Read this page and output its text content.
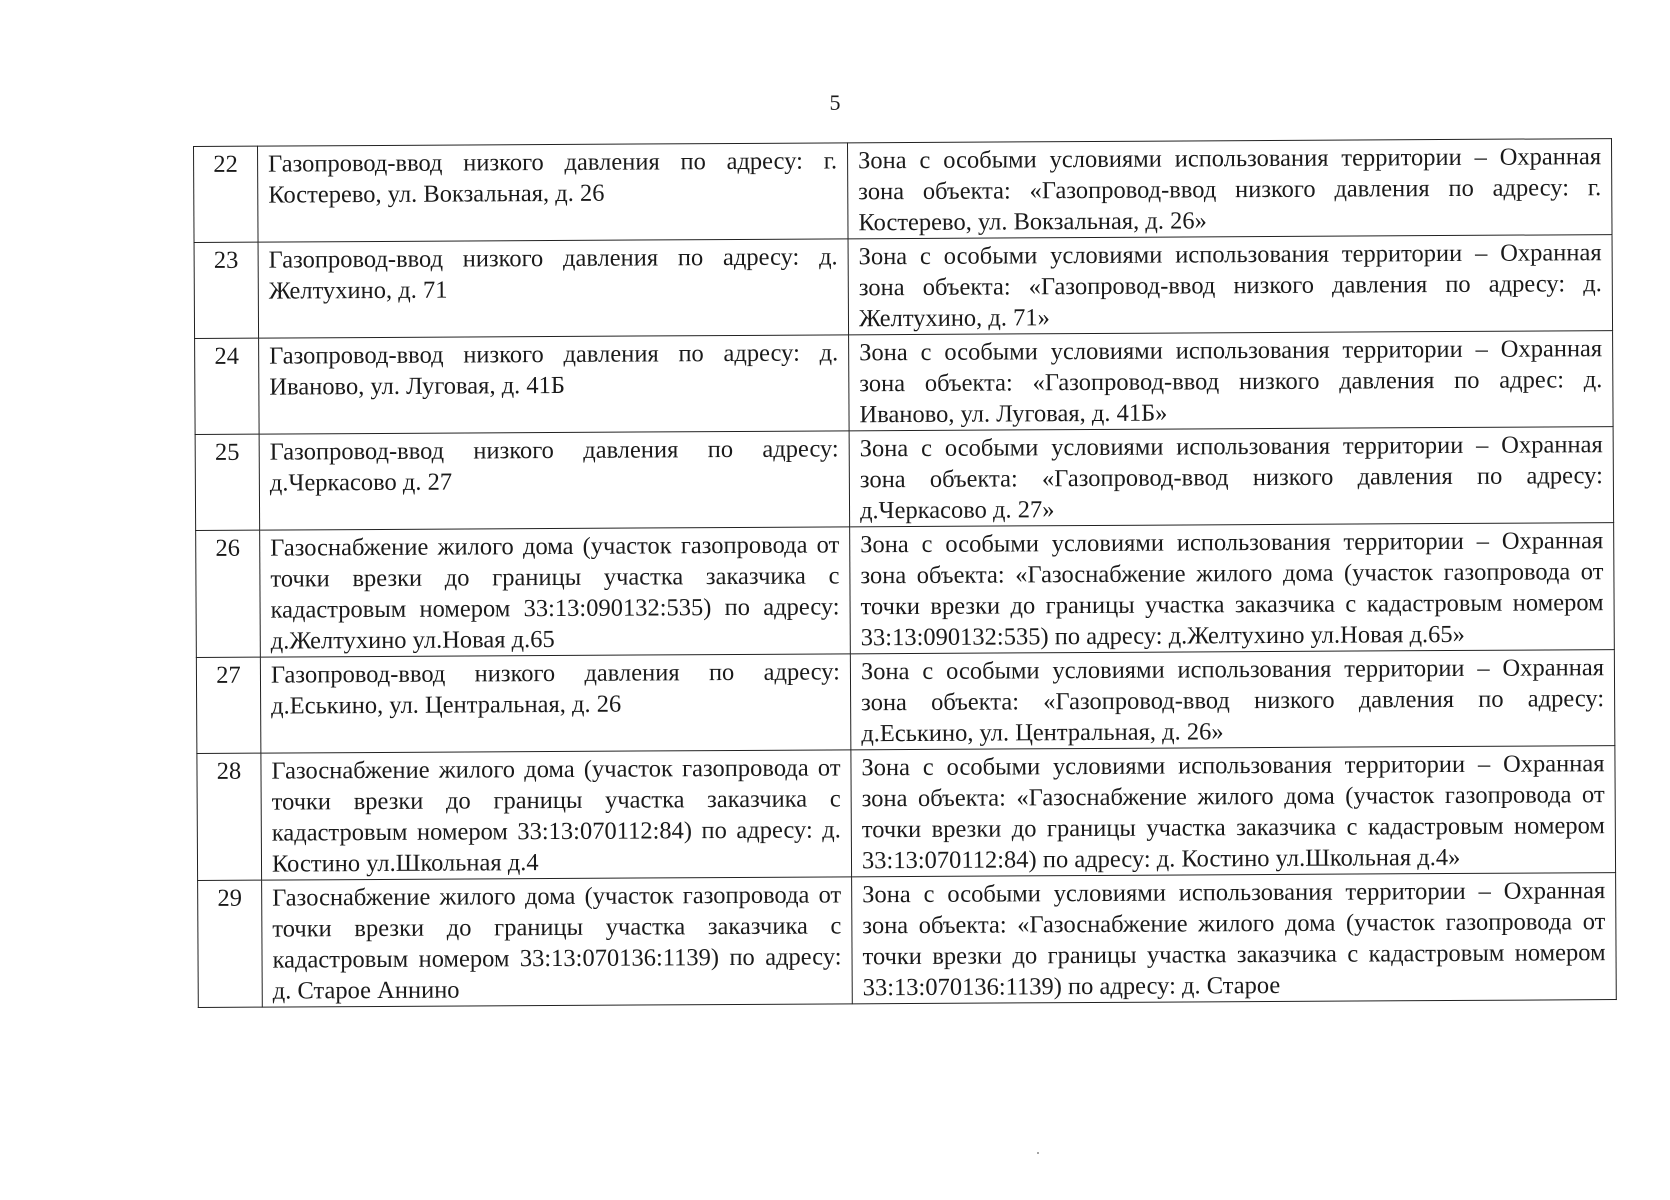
5
22	Газопровод-ввод низкого давления по адресу: г. Костерево, ул. Вокзальная, д. 26	Зона с особыми условиями использования территории – Охранная зона объекта: «Газопровод-ввод низкого давления по адресу: г. Костерево, ул. Вокзальная, д. 26»
23	Газопровод-ввод низкого давления по адресу: д. Желтухино, д. 71	Зона с особыми условиями использования территории – Охранная зона объекта: «Газопровод-ввод низкого давления по адресу: д. Желтухино, д. 71»
24	Газопровод-ввод низкого давления по адресу: д. Иваново, ул. Луговая, д. 41Б	Зона с особыми условиями использования территории – Охранная зона объекта: «Газопровод-ввод низкого давления по адрес: д. Иваново, ул. Луговая, д. 41Б»
25	Газопровод-ввод низкого давления по адресу: д.Черкасово д. 27	Зона с особыми условиями использования территории – Охранная зона объекта: «Газопровод-ввод низкого давления по адресу: д.Черкасово д. 27»
26	Газоснабжение жилого дома (участок газопровода от точки врезки до границы участка заказчика с кадастровым номером 33:13:090132:535) по адресу: д.Желтухино ул.Новая д.65	Зона с особыми условиями использования территории – Охранная зона объекта: «Газоснабжение жилого дома (участок газопровода от точки врезки до границы участка заказчика с кадастровым номером 33:13:090132:535) по адресу: д.Желтухино ул.Новая д.65»
27	Газопровод-ввод низкого давления по адресу: д.Еськино, ул. Центральная, д. 26	Зона с особыми условиями использования территории – Охранная зона объекта: «Газопровод-ввод низкого давления по адресу: д.Еськино, ул. Центральная, д. 26»
28	Газоснабжение жилого дома (участок газопровода от точки врезки до границы участка заказчика с кадастровым номером 33:13:070112:84) по адресу: д. Костино ул.Школьная д.4	Зона с особыми условиями использования территории – Охранная зона объекта: «Газоснабжение жилого дома (участок газопровода от точки врезки до границы участка заказчика с кадастровым номером 33:13:070112:84) по адресу: д. Костино ул.Школьная д.4»
29	Газоснабжение жилого дома (участок газопровода от точки врезки до границы участка заказчика с кадастровым номером 33:13:070136:1139) по адресу: д. Старое Аннино	Зона с особыми условиями использования территории – Охранная зона объекта: «Газоснабжение жилого дома (участок газопровода от точки врезки до границы участка заказчика с кадастровым номером 33:13:070136:1139) по адресу: д. Старое
